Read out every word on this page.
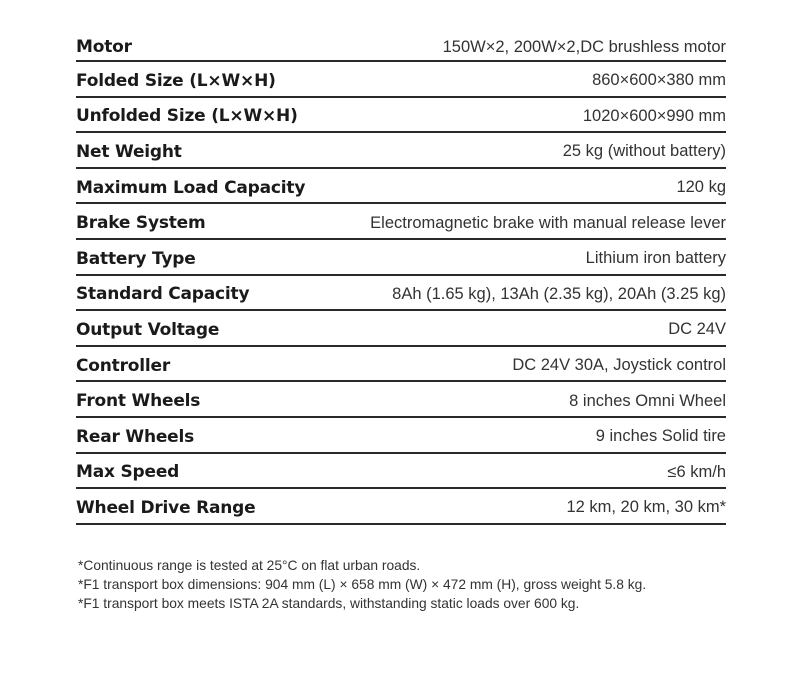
Motor	150W×2, 200W×2,DC brushless motor
Folded Size (L×W×H)	860×600×380 mm
Unfolded Size (L×W×H)	1020×600×990 mm
Net Weight	25 kg (without battery)
Maximum Load Capacity	120 kg
Brake System	Electromagnetic brake with manual release lever
Battery Type	Lithium iron battery
Standard Capacity	8Ah (1.65 kg), 13Ah (2.35 kg), 20Ah (3.25 kg)
Output Voltage	DC 24V
Controller	DC 24V 30A, Joystick control
Front Wheels	8 inches Omni Wheel
Rear Wheels	9 inches Solid tire
Max Speed	≤6 km/h
Wheel Drive Range	12 km, 20 km, 30 km*
*Continuous range is tested at 25°C on flat urban roads.
*F1 transport box dimensions: 904 mm (L) × 658 mm (W) × 472 mm (H), gross weight 5.8 kg.
*F1 transport box meets ISTA 2A standards, withstanding static loads over 600 kg.
